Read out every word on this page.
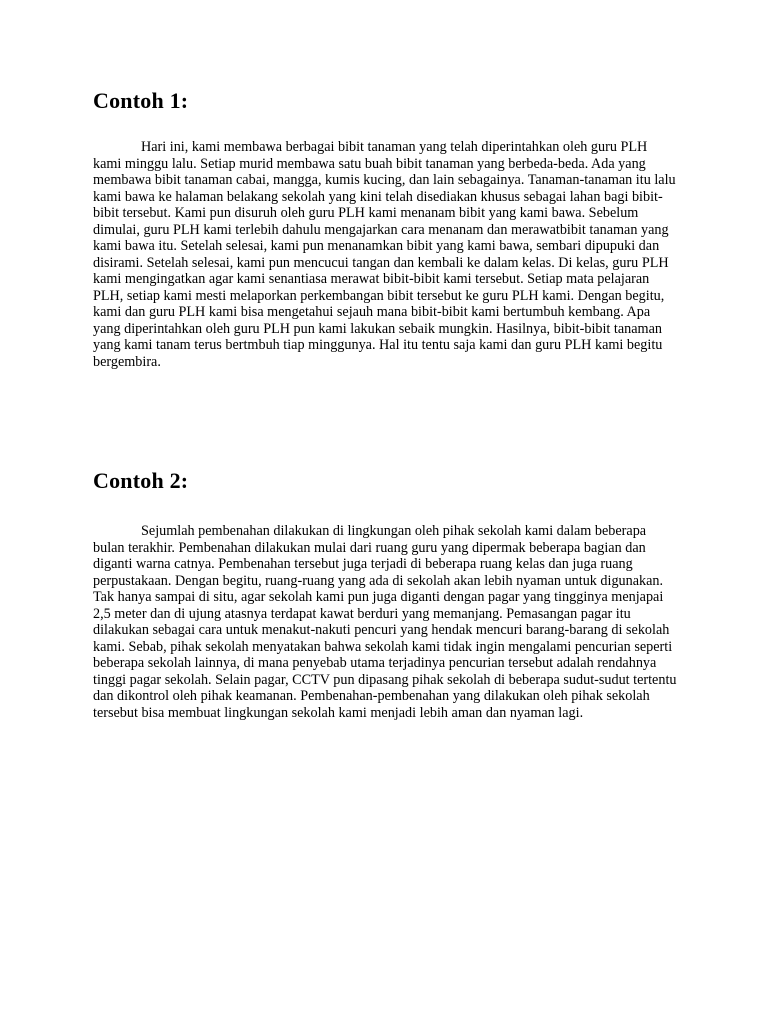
Contoh 1:

Hari ini, kami membawa berbagai bibit tanaman yang telah diperintahkan oleh guru PLH kami minggu lalu. Setiap murid membawa satu buah bibit tanaman yang berbeda-beda. Ada yang membawa bibit tanaman cabai, mangga, kumis kucing, dan lain sebagainya. Tanaman-tanaman itu lalu kami bawa ke halaman belakang sekolah yang kini telah disediakan khusus sebagai lahan bagi bibit-bibit tersebut. Kami pun disuruh oleh guru PLH kami menanam bibit yang kami bawa. Sebelum dimulai, guru PLH kami terlebih dahulu mengajarkan cara menanam dan merawatbibit tanaman yang kami bawa itu. Setelah selesai, kami pun menanamkan bibit yang kami bawa, sembari dipupuki dan disirami. Setelah selesai, kami pun mencucui tangan dan kembali ke dalam kelas. Di kelas, guru PLH kami mengingatkan agar kami senantiasa merawat bibit-bibit kami tersebut. Setiap mata pelajaran PLH, setiap kami mesti melaporkan perkembangan bibit tersebut ke guru PLH kami. Dengan begitu, kami dan guru PLH kami bisa mengetahui sejauh mana bibit-bibit kami bertumbuh kembang. Apa yang diperintahkan oleh guru PLH pun kami lakukan sebaik mungkin. Hasilnya, bibit-bibit tanaman yang kami tanam terus bertmbuh tiap minggunya. Hal itu tentu saja kami dan guru PLH kami begitu bergembira.

Contoh 2:

Sejumlah pembenahan dilakukan di lingkungan oleh pihak sekolah kami dalam beberapa bulan terakhir. Pembenahan dilakukan mulai dari ruang guru yang dipermak beberapa bagian dan diganti warna catnya. Pembenahan tersebut juga terjadi di beberapa ruang kelas dan juga ruang perpustakaan. Dengan begitu, ruang-ruang yang ada di sekolah akan lebih nyaman untuk digunakan. Tak hanya sampai di situ, agar sekolah kami pun juga diganti dengan pagar yang tingginya menjapai 2,5 meter dan di ujung atasnya terdapat kawat berduri yang memanjang. Pemasangan pagar itu dilakukan sebagai cara untuk menakut-nakuti pencuri yang hendak mencuri barang-barang di sekolah kami. Sebab, pihak sekolah menyatakan bahwa sekolah kami tidak ingin mengalami pencurian seperti beberapa sekolah lainnya, di mana penyebab utama terjadinya pencurian tersebut adalah rendahnya tinggi pagar sekolah. Selain pagar, CCTV pun dipasang pihak sekolah di beberapa sudut-sudut tertentu dan dikontrol oleh pihak keamanan. Pembenahan-pembenahan yang dilakukan oleh pihak sekolah tersebut bisa membuat lingkungan sekolah kami menjadi lebih aman dan nyaman lagi.
